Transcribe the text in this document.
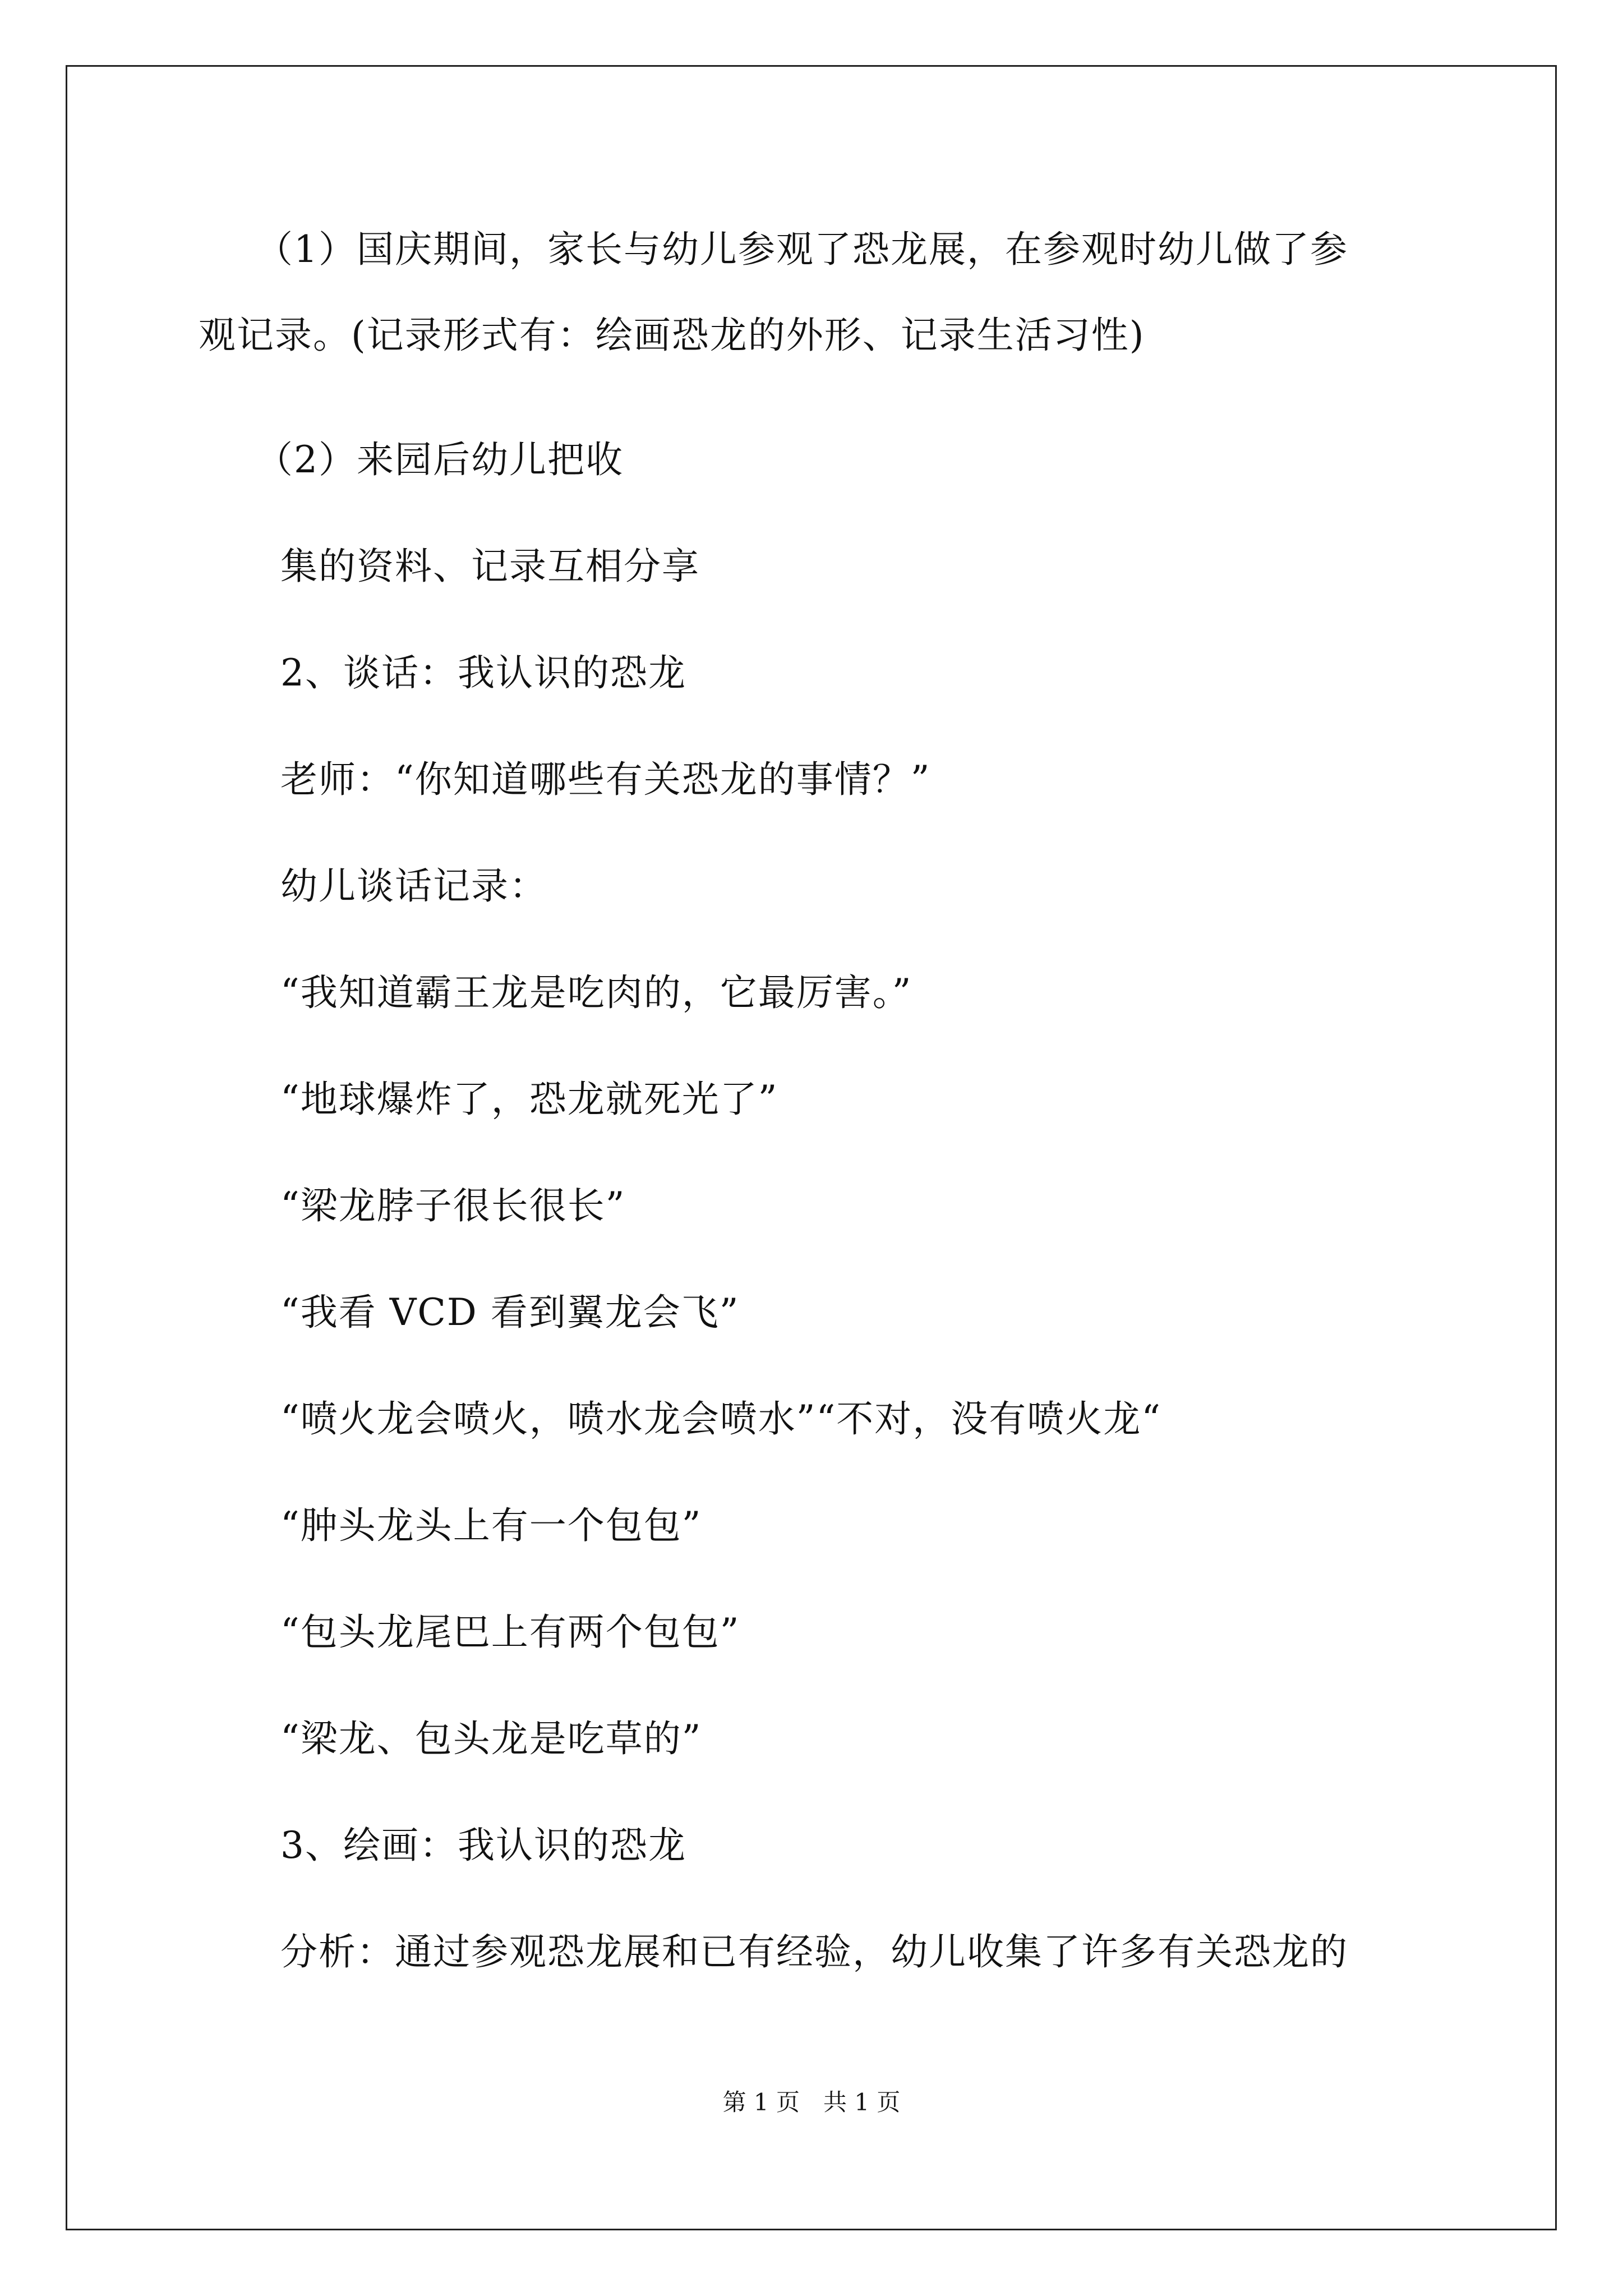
（1）国庆期间，家长与幼儿参观了恐龙展，在参观时幼儿做了参
观记录。(记录形式有：绘画恐龙的外形、记录生活习性)
（2）来园后幼儿把收
集的资料、记录互相分享
2、谈话：我认识的恐龙
老师：“你知道哪些有关恐龙的事情？”
幼儿谈话记录：
“我知道霸王龙是吃肉的，它最厉害。”
“地球爆炸了，恐龙就死光了”
“梁龙脖子很长很长”
“我看 VCD 看到翼龙会飞”
“喷火龙会喷火，喷水龙会喷水”“不对，没有喷火龙“
“肿头龙头上有一个包包”
“包头龙尾巴上有两个包包”
“梁龙、包头龙是吃草的”
3、绘画：我认识的恐龙
分析：通过参观恐龙展和已有经验，幼儿收集了许多有关恐龙的
第 1 页　共 1 页
